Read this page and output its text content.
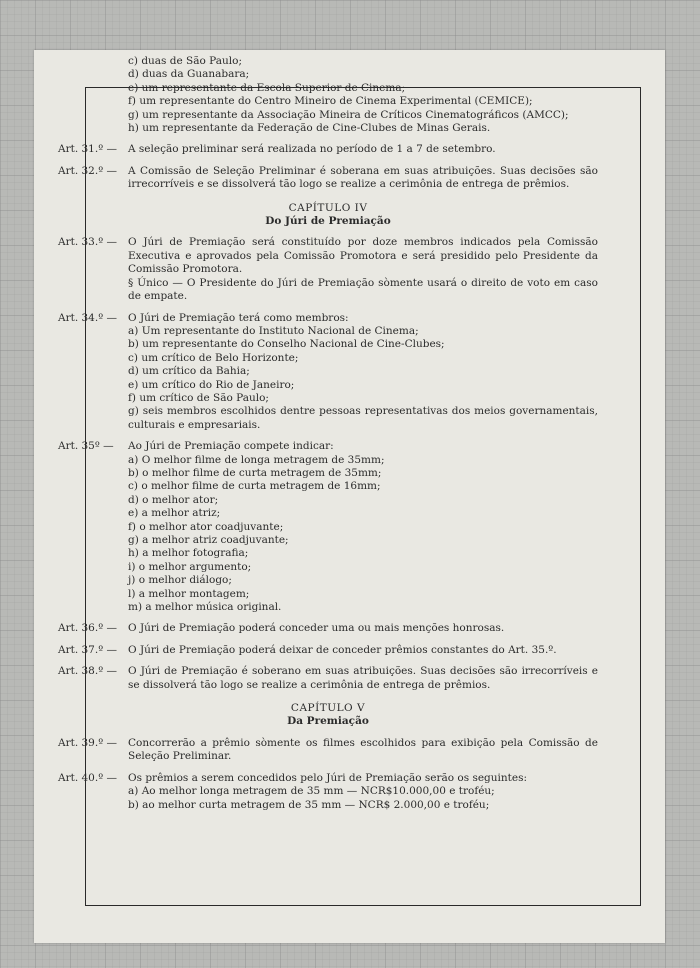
c) duas de São Paulo;
d) duas da Guanabara;
e) um representante da Escola Superior de Cinema;
f) um representante do Centro Mineiro de Cinema Experimental (CEMICE);
g) um representante da Associação Mineira de Críticos Cinematográficos (AMCC);
h) um representante da Federação de Cine-Clubes de Minas Gerais.
Art. 31.º —	A seleção preliminar será realizada no período de 1 a 7 de setembro.
Art. 32.º —	A Comissão de Seleção Preliminar é soberana em suas atribuições. Suas decisões são irrecorríveis e se dissolverá tão logo se realize a cerimônia de entrega de prêmios.
CAPÍTULO IV
Do Júri de Premiação
Art. 33.º —	O Júri de Premiação será constituído por doze membros indicados pela Comissão Executiva e aprovados pela Comissão Promotora e será presidido pelo Presidente da Comissão Promotora.
§ Único — O Presidente do Júri de Premiação sòmente usará o direito de voto em caso de empate.
Art. 34.º —	O Júri de Premiação terá como membros:
a) Um representante do Instituto Nacional de Cinema;
b) um representante do Conselho Nacional de Cine-Clubes;
c) um crítico de Belo Horizonte;
d) um crítico da Bahia;
e) um crítico do Rio de Janeiro;
f) um crítico de São Paulo;
g) seis membros escolhidos dentre pessoas representativas dos meios governamentais, culturais e empresariais.
Art. 35º —	Ao Júri de Premiação compete indicar:
a) O melhor filme de longa metragem de 35mm;
b) o melhor filme de curta metragem de 35mm;
c) o melhor filme de curta metragem de 16mm;
d) o melhor ator;
e) a melhor atriz;
f) o melhor ator coadjuvante;
g) a melhor atriz coadjuvante;
h) a melhor fotografia;
i) o melhor argumento;
j) o melhor diálogo;
l) a melhor montagem;
m) a melhor música original.
Art. 36.º —	O Júri de Premiação poderá conceder uma ou mais menções honrosas.
Art. 37.º —	O Júri de Premiação poderá deixar de conceder prêmios constantes do Art. 35.º.
Art. 38.º —	O Júri de Premiação é soberano em suas atribuições. Suas decisões são irrecorríveis e se dissolverá tão logo se realize a cerimônia de entrega de prêmios.
CAPÍTULO V
Da Premiação
Art. 39.º —	Concorrerão a prêmio sòmente os filmes escolhidos para exibição pela Comissão de Seleção Preliminar.
Art. 40.º —	Os prêmios a serem concedidos pelo Júri de Premiação serão os seguintes:
a) Ao melhor longa metragem de 35 mm — NCR$10.000,00 e troféu;
b) ao melhor curta metragem de 35 mm — NCR$ 2.000,00 e troféu;
